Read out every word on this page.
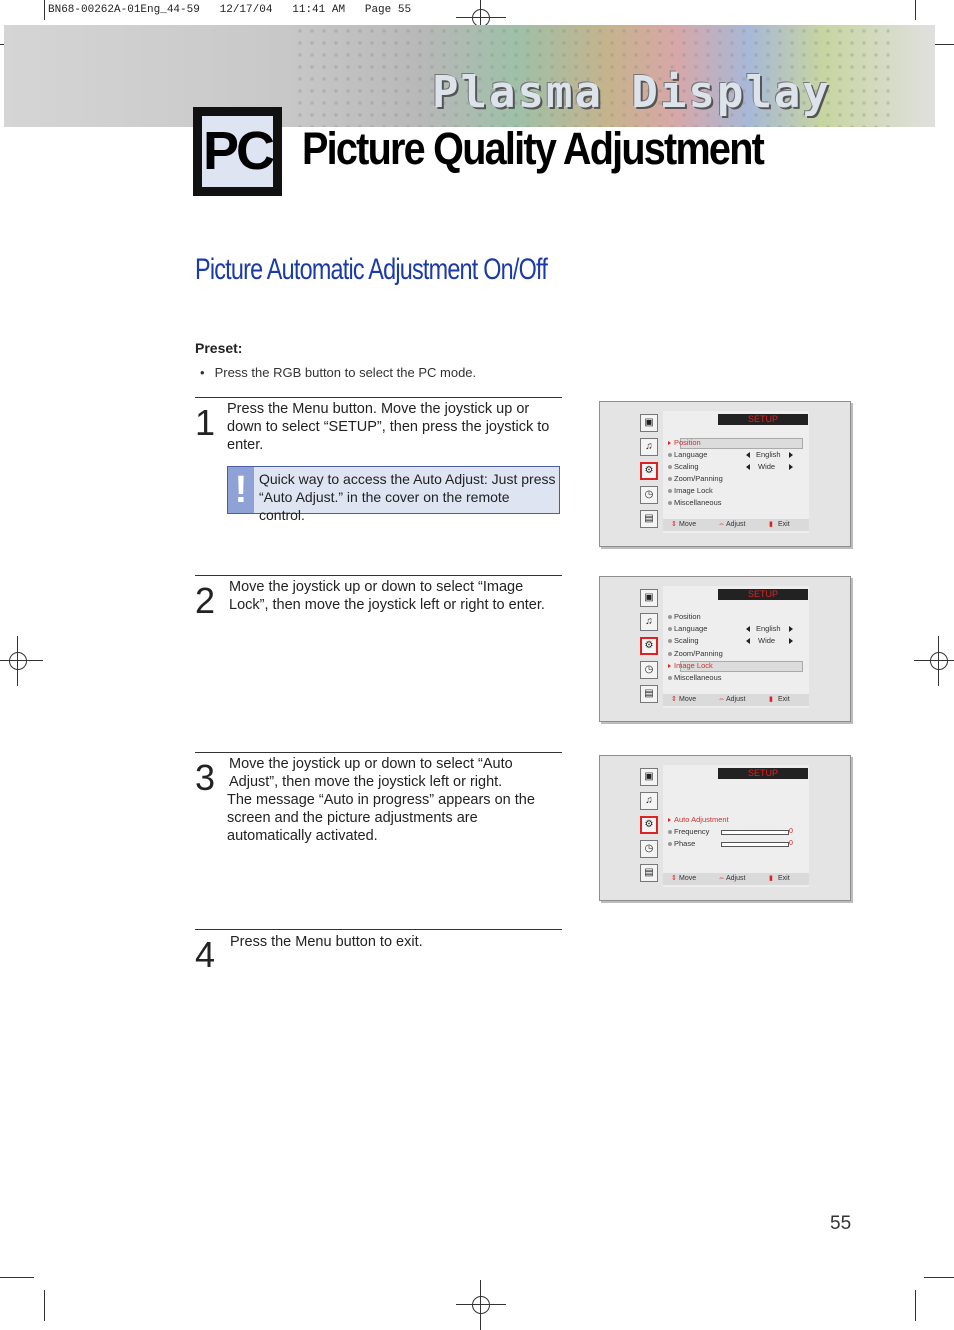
BN68-00262A-01Eng_44-59   12/17/04   11:41 AM   Page 55
Plasma Display
PC Picture Quality Adjustment
Picture Automatic Adjustment On/Off
Preset:
• Press the RGB button to select the PC mode.
1 Press the Menu button. Move the joystick up or down to select “SETUP”, then press the joystick to enter.
! Quick way to access the Auto Adjust: Just press “Auto Adjust.” in the cover on the remote control.
2 Move the joystick up or down to select “Image Lock”, then move the joystick left or right to enter.
3 Move the joystick up or down to select “Auto Adjust”, then move the joystick left or right.
The message “Auto in progress” appears on the screen and the picture adjustments are automatically activated.
4 Press the Menu button to exit.
▣
♫
⚙
◷
▤
SETUP
Position
Language
Scaling
Zoom/Panning
Image Lock
Miscellaneous
English
Wide
⇕ Move	⇔ Adjust	▮ Exit
▣
♫
⚙
◷
▤
SETUP
Position
Language
Scaling
Zoom/Panning
Image Lock
Miscellaneous
English
Wide
⇕ Move	⇔ Adjust	▮ Exit
▣
♫
⚙
◷
▤
SETUP
Auto Adjustment
Frequency
Phase
0
0
⇕ Move	⇔ Adjust	▮ Exit
55
